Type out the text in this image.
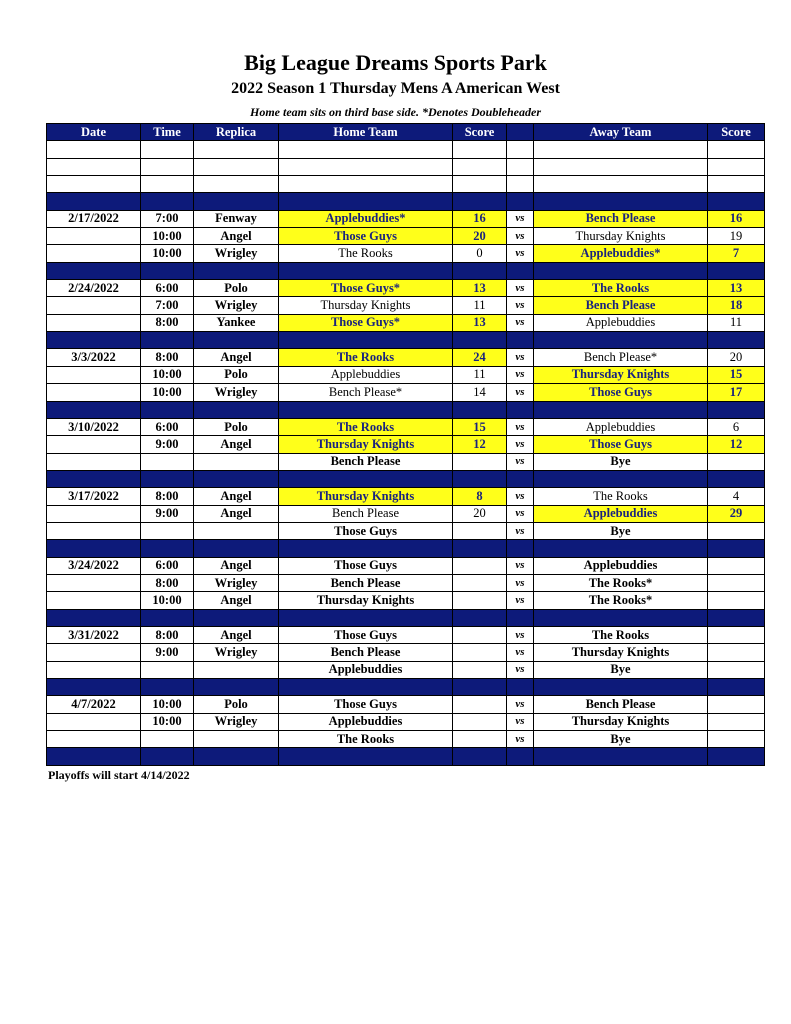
Big League Dreams Sports Park
2022 Season 1 Thursday Mens A American West
Home team sits on third base side. *Denotes Doubleheader
Date	Time	Replica	Home Team	Score		Away Team	Score

2/17/2022	7:00	Fenway	Applebuddies*	16	vs	Bench Please	16
	10:00	Angel	Those Guys	20	vs	Thursday Knights	19
	10:00	Wrigley	The Rooks	0	vs	Applebuddies*	7

2/24/2022	6:00	Polo	Those Guys*	13	vs	The Rooks	13
	7:00	Wrigley	Thursday Knights	11	vs	Bench Please	18
	8:00	Yankee	Those Guys*	13	vs	Applebuddies	11

3/3/2022	8:00	Angel	The Rooks	24	vs	Bench Please*	20
	10:00	Polo	Applebuddies	11	vs	Thursday Knights	15
	10:00	Wrigley	Bench Please*	14	vs	Those Guys	17

3/10/2022	6:00	Polo	The Rooks	15	vs	Applebuddies	6
	9:00	Angel	Thursday Knights	12	vs	Those Guys	12
			Bench Please		vs	Bye	

3/17/2022	8:00	Angel	Thursday Knights	8	vs	The Rooks	4
	9:00	Angel	Bench Please	20	vs	Applebuddies	29
			Those Guys		vs	Bye	

3/24/2022	6:00	Angel	Those Guys		vs	Applebuddies	
	8:00	Wrigley	Bench Please		vs	The Rooks*	
	10:00	Angel	Thursday Knights		vs	The Rooks*	

3/31/2022	8:00	Angel	Those Guys		vs	The Rooks	
	9:00	Wrigley	Bench Please		vs	Thursday Knights	
			Applebuddies		vs	Bye	

4/7/2022	10:00	Polo	Those Guys		vs	Bench Please	
	10:00	Wrigley	Applebuddies		vs	Thursday Knights	
			The Rooks		vs	Bye	

Playoffs will start 4/14/2022
